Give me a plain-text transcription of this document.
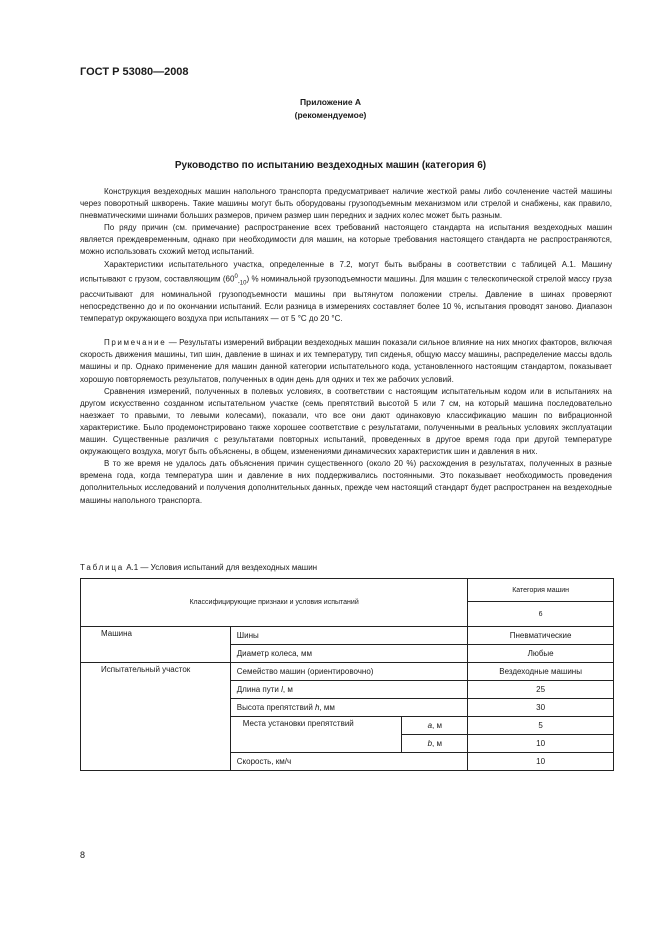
ГОСТ Р 53080—2008
Приложение А
(рекомендуемое)
Руководство по испытанию вездеходных машин (категория 6)

Конструкция вездеходных машин напольного транспорта предусматривает наличие жесткой рамы либо сочленение частей машины через поворотный шкворень. Такие машины могут быть оборудованы грузоподъемным механизмом или стрелой и снабжены, как правило, пневматическими шинами больших размеров, причем размер шин передних и задних колес может быть разным.

По ряду причин (см. примечание) распространение всех требований настоящего стандарта на испытания вездеходных машин является преждевременным, однако при необходимости для машин, на которые требования настоящего стандарта не распространяются, можно использовать схожий метод испытаний.

Характеристики испытательного участка, определенные в 7.2, могут быть выбраны в соответствии с таблицей А.1. Машину испытывают с грузом, составляющим $(60^0_{-10})$ % номинальной грузоподъемности машины. Для машин с телескопической стрелой массу груза рассчитывают для номинальной грузоподъемности машины при вытянутом положении стрелы. Давление в шинах проверяют непосредственно до и по окончании испытаний. Если разница в измерениях составляет более 10 %, испытания проводят заново. Диапазон температур окружающего воздуха при испытаниях — от 5 °С до 20 °С.

Примечание — Результаты измерений вибрации вездеходных машин показали сильное влияние на них многих факторов, включая скорость движения машины, тип шин, давление в шинах и их температуру, тип сиденья, общую массу машины, распределение массы вдоль машины и пр. Однако применение для машин данной категории испытательного кода, установленного настоящим стандартом, показывает хорошую повторяемость результатов, полученных в один день для одних и тех же рабочих условий.

Сравнения измерений, полученных в полевых условиях, в соответствии с настоящим испытательным кодом или в испытаниях на другом искусственно созданном испытательном участке (семь препятствий высотой 5 или 7 см, на который машина последовательно наезжает то правыми, то левыми колесами), показали, что все они дают одинаковую классификацию машин по вибрационной характеристике. Было продемонстрировано также хорошее соответствие с результатами, полученными в реальных условиях эксплуатации машин. Существенные различия с результатами повторных испытаний, проведенных в другое время года при другой температуре окружающего воздуха, могут быть объяснены, в общем, изменениями динамических характеристик шин и давления в них.

В то же время не удалось дать объяснения причин существенного (около 20 %) расхождения в результатах, полученных в разные времена года, когда температура шин и давление в них поддерживались постоянными. Это показывает необходимость проведения дополнительных исследований и получения дополнительных данных, прежде чем настоящий стандарт будет распространен на вездеходные машины напольного транспорта.

Таблица А.1 — Условия испытаний для вездеходных машин
Классифицирующие признаки и условия испытаний			Категория машин
			6
Машина	Шины		Пневматические
	Диаметр колеса, мм		Любые
Испытательный участок	Семейство машин (ориентировочно)		Вездеходные машины
	Длина пути l, м		25
	Высота препятствий h, мм		30
	Места установки препятствий	a, м	5
		b, м	10
	Скорость, км/ч		10
8
